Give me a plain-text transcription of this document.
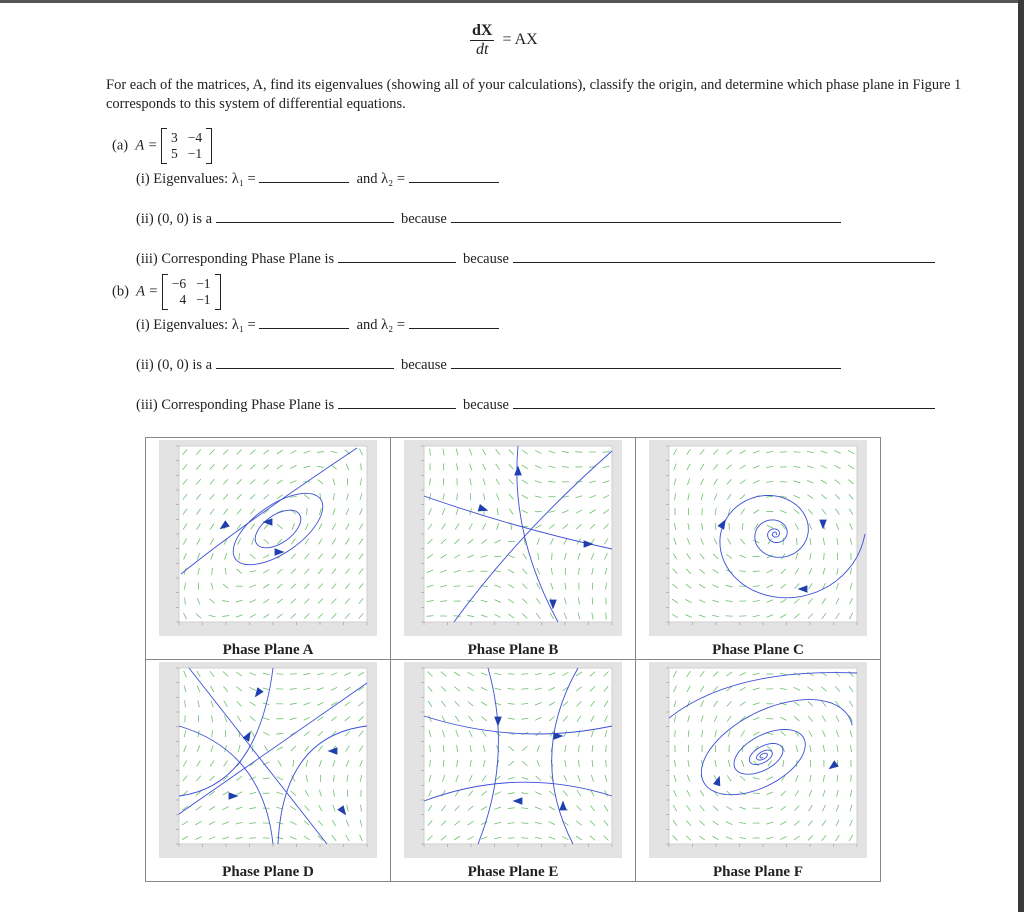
$\frac{dX}{dt}$ = AX
For each of the matrices, A, find its eigenvalues (showing all of your calculations), classify the origin, and determine which phase plane in Figure 1 corresponds to this system of differential equations.
(a) A = 3 −4
5 −1
(i) Eigenvalues: λ₁ =	and λ₂ =
(ii) (0, 0) is a	because
(iii) Corresponding Phase Plane is	because
(b) A = −6 −1
4 −1
(i) Eigenvalues: λ₁ =	and λ₂ =
(ii) (0, 0) is a	because
(iii) Corresponding Phase Plane is	because
Phase Plane A	Phase Plane B	Phase Plane C

Phase Plane D	Phase Plane E	Phase Plane F
